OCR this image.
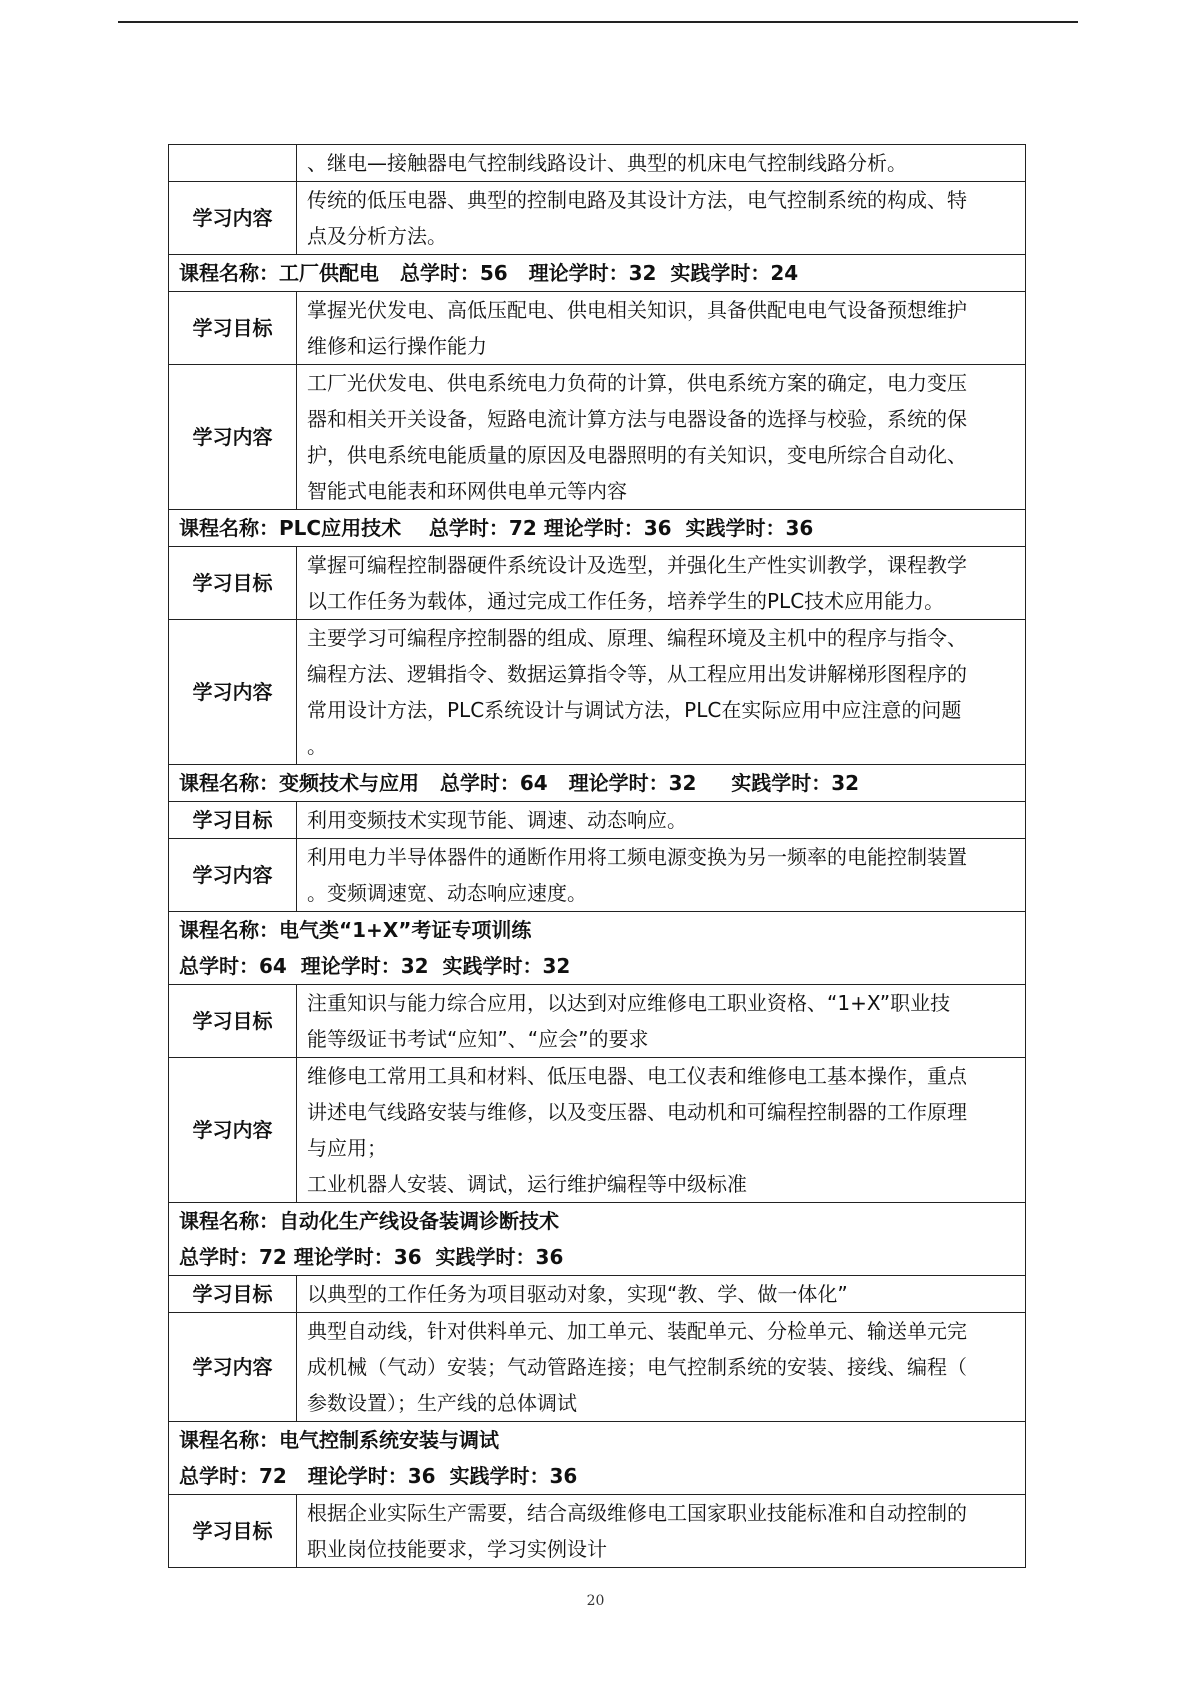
	、继电—接触器电气控制线路设计、典型的机床电气控制线路分析。
学习内容	传统的低压电器、典型的控制电路及其设计方法，电气控制系统的构成、特
点及分析方法。
课程名称：工厂供配电   总学时：56   理论学时：32  实践学时：24	
学习目标	掌握光伏发电、高低压配电、供电相关知识，具备供配电电气设备预想维护
维修和运行操作能力
学习内容	工厂光伏发电、供电系统电力负荷的计算，供电系统方案的确定，电力变压
器和相关开关设备，短路电流计算方法与电器设备的选择与校验，系统的保
护，供电系统电能质量的原因及电器照明的有关知识，变电所综合自动化、
智能式电能表和环网供电单元等内容
课程名称：PLC应用技术    总学时：72 理论学时：36  实践学时：36	
学习目标	掌握可编程控制器硬件系统设计及选型，并强化生产性实训教学，课程教学
以工作任务为载体，通过完成工作任务，培养学生的PLC技术应用能力。
学习内容	主要学习可编程序控制器的组成、原理、编程环境及主机中的程序与指令、
编程方法、逻辑指令、数据运算指令等，从工程应用出发讲解梯形图程序的
常用设计方法，PLC系统设计与调试方法，PLC在实际应用中应注意的问题
。
课程名称：变频技术与应用   总学时：64   理论学时：32     实践学时：32	
学习目标	利用变频技术实现节能、调速、动态响应。
学习内容	利用电力半导体器件的通断作用将工频电源变换为另一频率的电能控制装置
。变频调速宽、动态响应速度。
课程名称：电气类“1+X”考证专项训练
总学时：64  理论学时：32  实践学时：32	
学习目标	注重知识与能力综合应用，以达到对应维修电工职业资格、“1+X”职业技
能等级证书考试“应知”、“应会”的要求
学习内容	维修电工常用工具和材料、低压电器、电工仪表和维修电工基本操作，重点
讲述电气线路安装与维修，以及变压器、电动机和可编程控制器的工作原理
与应用；
工业机器人安装、调试，运行维护编程等中级标准
课程名称：自动化生产线设备装调诊断技术
总学时：72 理论学时：36  实践学时：36	
学习目标	以典型的工作任务为项目驱动对象，实现“教、学、做一体化”
学习内容	典型自动线，针对供料单元、加工单元、装配单元、分检单元、输送单元完
成机械（气动）安装；气动管路连接；电气控制系统的安装、接线、编程（
参数设置）；生产线的总体调试
课程名称：电气控制系统安装与调试
总学时：72   理论学时：36  实践学时：36	
学习目标	根据企业实际生产需要，结合高级维修电工国家职业技能标准和自动控制的
职业岗位技能要求，学习实例设计
20
